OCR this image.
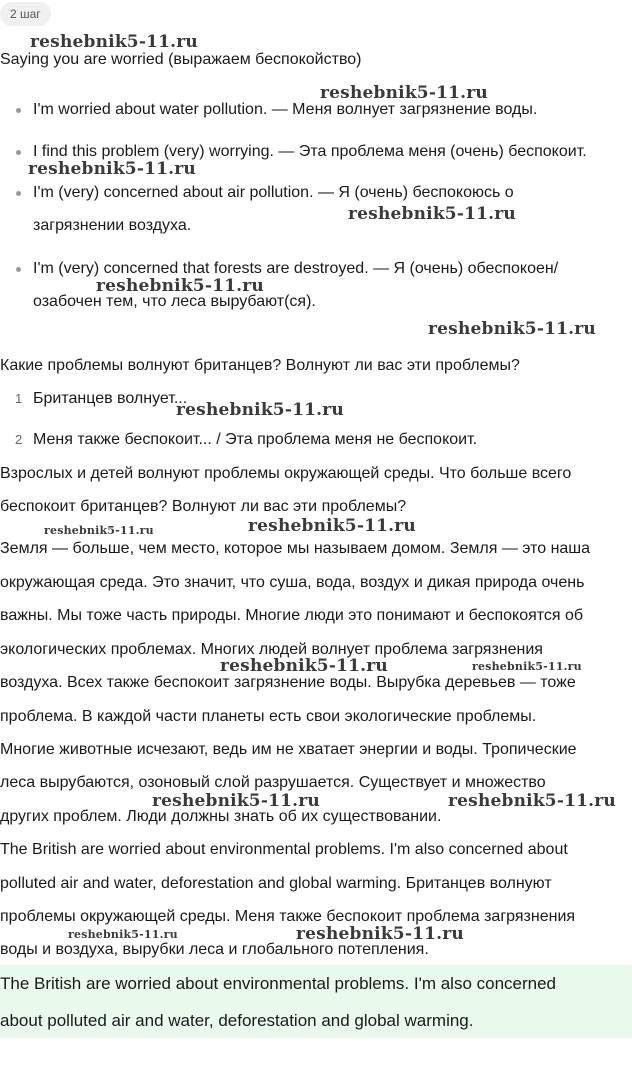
2 шаг
Saying you are worried (выражаем беспокойство)
I'm worried about water pollution. — Меня волнует загрязнение воды.
I find this problem (very) worrying. — Эта проблема меня (очень) беспокоит.
I'm (very) concerned about air pollution. — Я (очень) беспокоюсь о
загрязнении воздуха.
I'm (very) concerned that forests are destroyed. — Я (очень) обеспокоен/
озабочен тем, что леса вырубают(ся).
Какие проблемы волнуют британцев? Волнуют ли вас эти проблемы?
1 Британцев волнует...
2 Меня также беспокоит... / Эта проблема меня не беспокоит.
Взрослых и детей волнуют проблемы окружающей среды. Что больше всего
беспокоит британцев? Волнуют ли вас эти проблемы?
Земля — больше, чем место, которое мы называем домом. Земля — это наша
окружающая среда. Это значит, что суша, вода, воздух и дикая природа очень
важны. Мы тоже часть природы. Многие люди это понимают и беспокоятся об
экологических проблемах. Многих людей волнует проблема загрязнения
воздуха. Всех также беспокоит загрязнение воды. Вырубка деревьев — тоже
проблема. В каждой части планеты есть свои экологические проблемы.
Многие животные исчезают, ведь им не хватает энергии и воды. Тропические
леса вырубаются, озоновый слой разрушается. Существует и множество
других проблем. Люди должны знать об их существовании.
The British are worried about environmental problems. I'm also concerned about
polluted air and water, deforestation and global warming. Британцев волнуют
проблемы окружающей среды. Меня также беспокоит проблема загрязнения
воды и воздуха, вырубки леса и глобального потепления.
The British are worried about environmental problems. I'm also concerned
about polluted air and water, deforestation and global warming.
reshebnik5-11.ru
reshebnik5-11.ru
reshebnik5-11.ru
reshebnik5-11.ru
reshebnik5-11.ru
reshebnik5-11.ru
reshebnik5-11.ru
reshebnik5-11.ru	reshebnik5-11.ru
reshebnik5-11.ru	reshebnik5-11.ru
reshebnik5-11.ru	reshebnik5-11.ru
reshebnik5-11.ru	reshebnik5-11.ru
